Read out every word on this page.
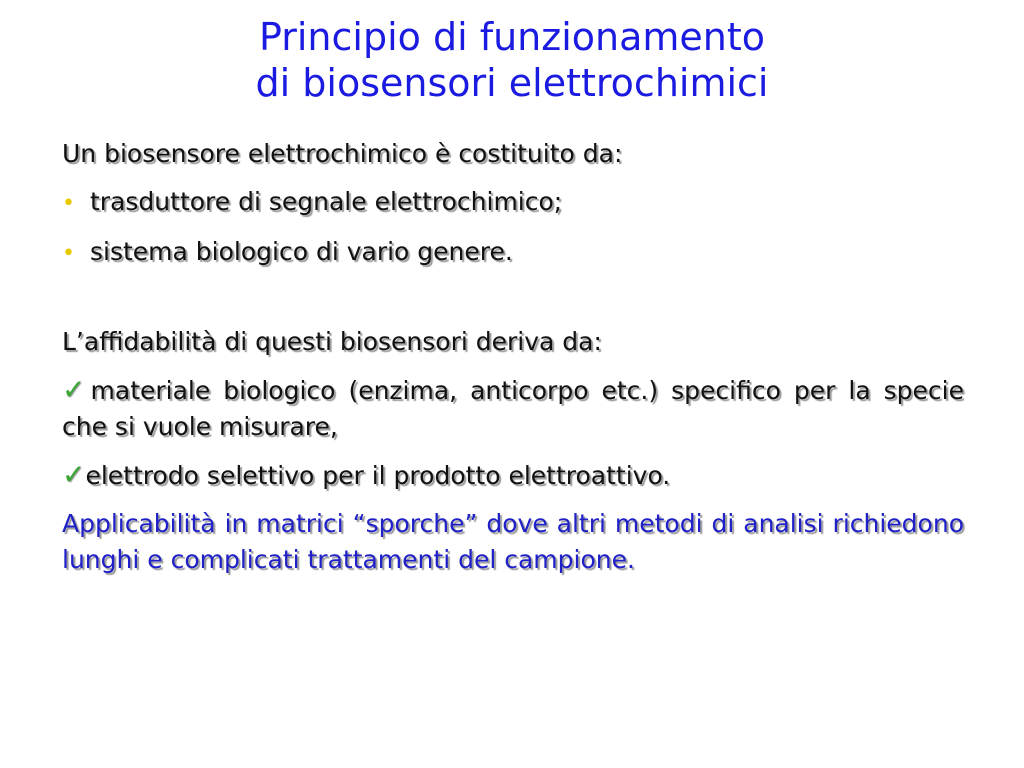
Principio di funzionamento
di biosensori elettrochimici

Un biosensore elettrochimico è costituito da:

• trasduttore di segnale elettrochimico;
• sistema biologico di vario genere.

L’affidabilità di questi biosensori deriva da:

✓materiale biologico (enzima, anticorpo etc.) specifico per la specie che si vuole misurare,

✓elettrodo selettivo per il prodotto elettroattivo.

Applicabilità in matrici “sporche” dove altri metodi di analisi richiedono lunghi e complicati trattamenti del campione.
